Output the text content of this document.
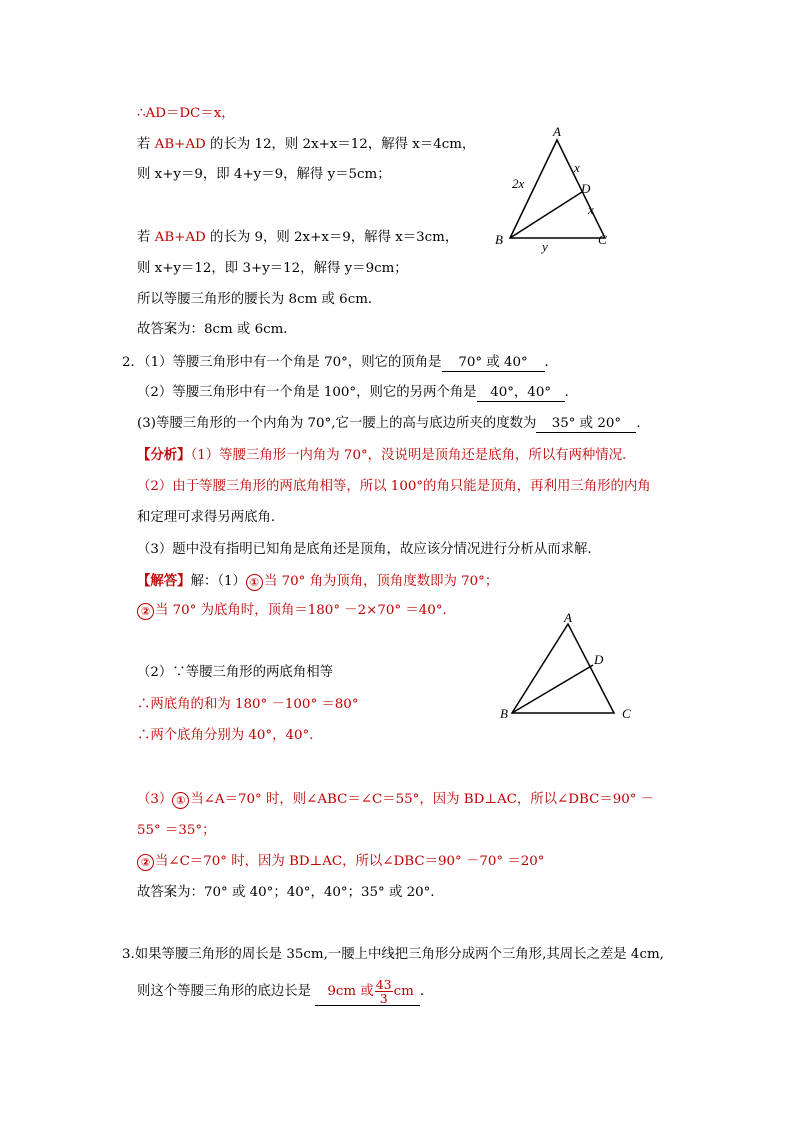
∴AD＝DC＝x，
若 AB+AD 的长为 12，则 2x+x＝12，解得 x＝4cm，
则 x+y＝9，即 4+y＝9，解得 y＝5cm；
若 AB+AD 的长为 9，则 2x+x＝9，解得 x＝3cm，
则 x+y＝12，即 3+y＝12，解得 y＝9cm；
所以等腰三角形的腰长为 8cm 或 6cm．
故答案为：8cm 或 6cm．
A
B	C
D
x
x
2x
y
2．（1）等腰三角形中有一个角是 70°，则它的顶角是 70° 或 40° ．
（2）等腰三角形中有一个角是 100°，则它的另两个角是 40°，40° ．
(3)等腰三角形的一个内角为 70°,它一腰上的高与底边所夹的度数为 35° 或 20° ．
【分析】（1）等腰三角形一内角为 70°，没说明是顶角还是底角，所以有两种情况．
（2）由于等腰三角形的两底角相等，所以 100°的角只能是顶角，再利用三角形的内角
和定理可求得另两底角．
（3）题中没有指明已知角是底角还是顶角，故应该分情况进行分析从而求解．
【解答】解：（1） ① 当 70° 角为顶角，顶角度数即为 70°；
② 当 70° 为底角时，顶角＝180° －2×70° ＝40°．
（2）∵等腰三角形的两底角相等
∴两底角的和为 180° －100° ＝80°
∴两个底角分别为 40°，40°．
A
B	C
D
（3） ① 当∠A＝70° 时，则∠ABC＝∠C＝55°，因为 BD⊥AC，所以∠DBC＝90° －
55° ＝35°；
② 当∠C＝70° 时，因为 BD⊥AC，所以∠DBC＝90° －70° ＝20°
故答案为：70° 或 40°；40°，40°；35° 或 20°．
3.如果等腰三角形的周长是 35cm,一腰上中线把三角形分成两个三角形,其周长之差是 4cm,
则这个等腰三角形的底边长是 9cm 或 $\frac{43}{3}$ cm ．
